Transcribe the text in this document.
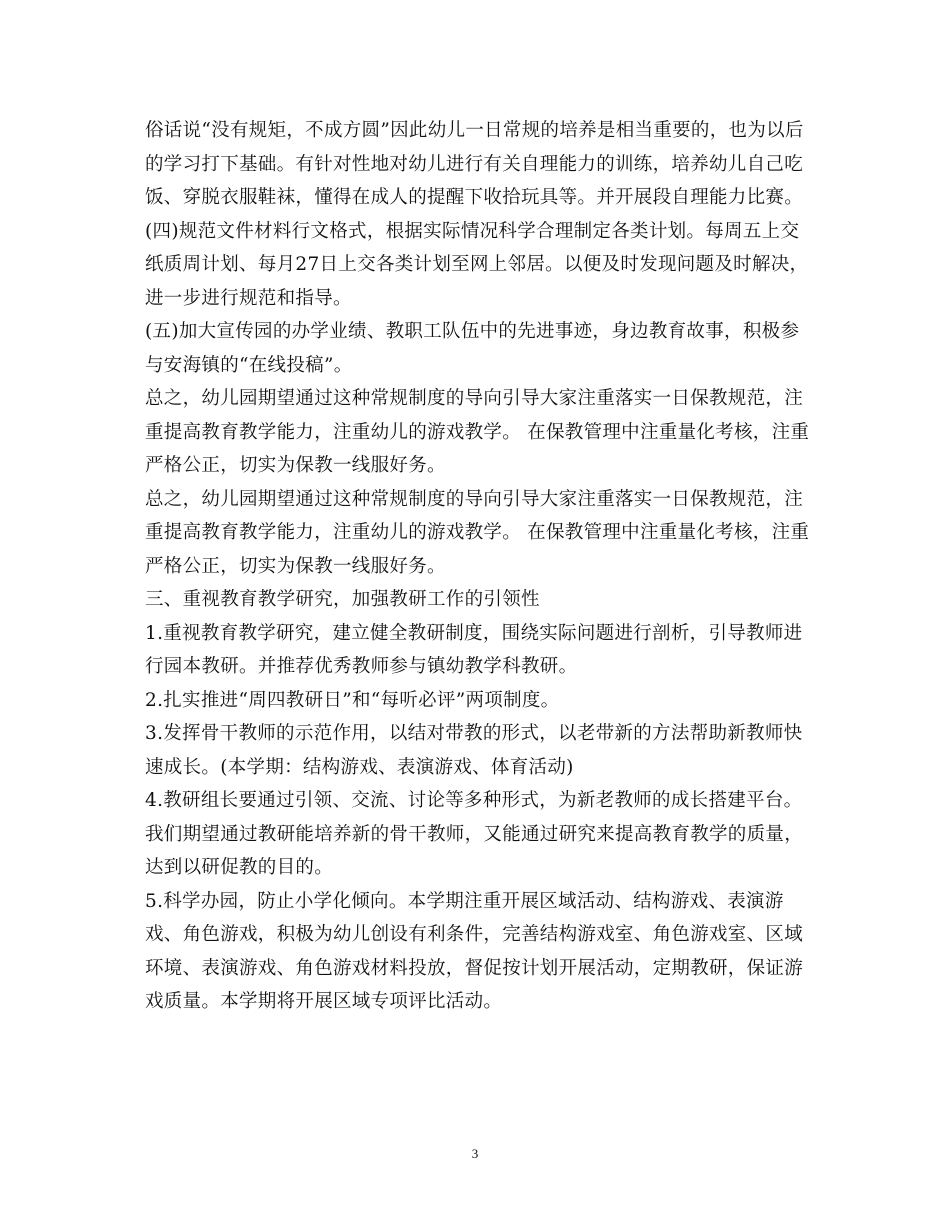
俗话说“没有规矩，不成方圆”因此幼儿一日常规的培养是相当重要的，也为以后的学习打下基础。有针对性地对幼儿进行有关自理能力的训练，培养幼儿自己吃饭、穿脱衣服鞋袜，懂得在成人的提醒下收拾玩具等。并开展段自理能力比赛。

(四)规范文件材料行文格式，根据实际情况科学合理制定各类计划。每周五上交纸质周计划、每月27日上交各类计划至网上邻居。以便及时发现问题及时解决，进一步进行规范和指导。

(五)加大宣传园的办学业绩、教职工队伍中的先进事迹，身边教育故事，积极参与安海镇的“在线投稿”。

总之，幼儿园期望通过这种常规制度的导向引导大家注重落实一日保教规范，注重提高教育教学能力，注重幼儿的游戏教学。 在保教管理中注重量化考核，注重严格公正，切实为保教一线服好务。

总之，幼儿园期望通过这种常规制度的导向引导大家注重落实一日保教规范，注重提高教育教学能力，注重幼儿的游戏教学。 在保教管理中注重量化考核，注重严格公正，切实为保教一线服好务。

三、重视教育教学研究，加强教研工作的引领性

1.重视教育教学研究，建立健全教研制度，围绕实际问题进行剖析，引导教师进行园本教研。并推荐优秀教师参与镇幼教学科教研。

2.扎实推进“周四教研日”和“每听必评”两项制度。

3.发挥骨干教师的示范作用，以结对带教的形式，以老带新的方法帮助新教师快速成长。(本学期：结构游戏、表演游戏、体育活动)

4.教研组长要通过引领、交流、讨论等多种形式，为新老教师的成长搭建平台。我们期望通过教研能培养新的骨干教师，又能通过研究来提高教育教学的质量，达到以研促教的目的。

5.科学办园，防止小学化倾向。本学期注重开展区域活动、结构游戏、表演游戏、角色游戏，积极为幼儿创设有利条件，完善结构游戏室、角色游戏室、区域环境、表演游戏、角色游戏材料投放，督促按计划开展活动，定期教研，保证游戏质量。本学期将开展区域专项评比活动。

3
